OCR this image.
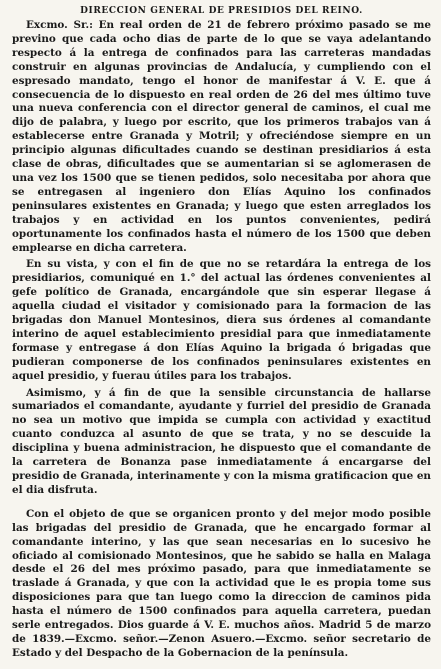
DIRECCION GENERAL DE PRESIDIOS DEL REINO.

Excmo. Sr.: En real orden de 21 de febrero próximo pasado se me previno que cada ocho dias de parte de lo que se vaya adelantando respecto á la entrega de confinados para las carreteras mandadas construir en algunas provincias de Andalucía, y cumpliendo con el espresado mandato, tengo el honor de manifestar á V. E. que á consecuencia de lo dispuesto en real orden de 26 del mes último tuve una nueva conferencia con el director general de caminos, el cual me dijo de palabra, y luego por escrito, que los primeros trabajos van á establecerse entre Granada y Motril; y ofreciéndose siempre en un principio algunas dificultades cuando se destinan presidiarios á esta clase de obras, dificultades que se aumentarian si se aglomerasen de una vez los 1500 que se tienen pedidos, solo necesitaba por ahora que se entregasen al ingeniero don Elías Aquino los confinados peninsulares existentes en Granada; y luego que esten arreglados los trabajos y en actividad en los puntos convenientes, pedirá oportunamente los confinados hasta el número de los 1500 que deben emplearse en dicha carretera.

En su vista, y con el fin de que no se retardára la entrega de los presidiarios, comuniqué en 1.° del actual las órdenes convenientes al gefe político de Granada, encargándole que sin esperar llegase á aquella ciudad el visitador y comisionado para la formacion de las brigadas don Manuel Montesinos, diera sus órdenes al comandante interino de aquel establecimiento presidial para que inmediatamente formase y entregase á don Elías Aquino la brigada ó brigadas que pudieran componerse de los confinados peninsulares existentes en aquel presidio, y fuerau útiles para los trabajos.

Asimismo, y á fin de que la sensible circunstancia de hallarse sumariados el comandante, ayudante y furriel del presidio de Granada no sea un motivo que impida se cumpla con actividad y exactitud cuanto conduzca al asunto de que se trata, y no se descuide la disciplina y buena administracion, he dispuesto que el comandante de la carretera de Bonanza pase inmediatamente á encargarse del presidio de Granada, interinamente y con la misma gratificacion que en el dia disfruta.

Con el objeto de que se organicen pronto y del mejor modo posible las brigadas del presidio de Granada, que he encargado formar al comandante interino, y las que sean necesarias en lo sucesivo he oficiado al comisionado Montesinos, que he sabido se halla en Malaga desde el 26 del mes próximo pasado, para que inmediatamente se traslade á Granada, y que con la actividad que le es propia tome sus disposiciones para que tan luego como la direccion de caminos pida hasta el número de 1500 confinados para aquella carretera, puedan serle entregados. Dios guarde á V. E. muchos años. Madrid 5 de marzo de 1839.—Excmo. señor.—Zenon Asuero.—Excmo. señor secretario de Estado y del Despacho de la Gobernacion de la península.
